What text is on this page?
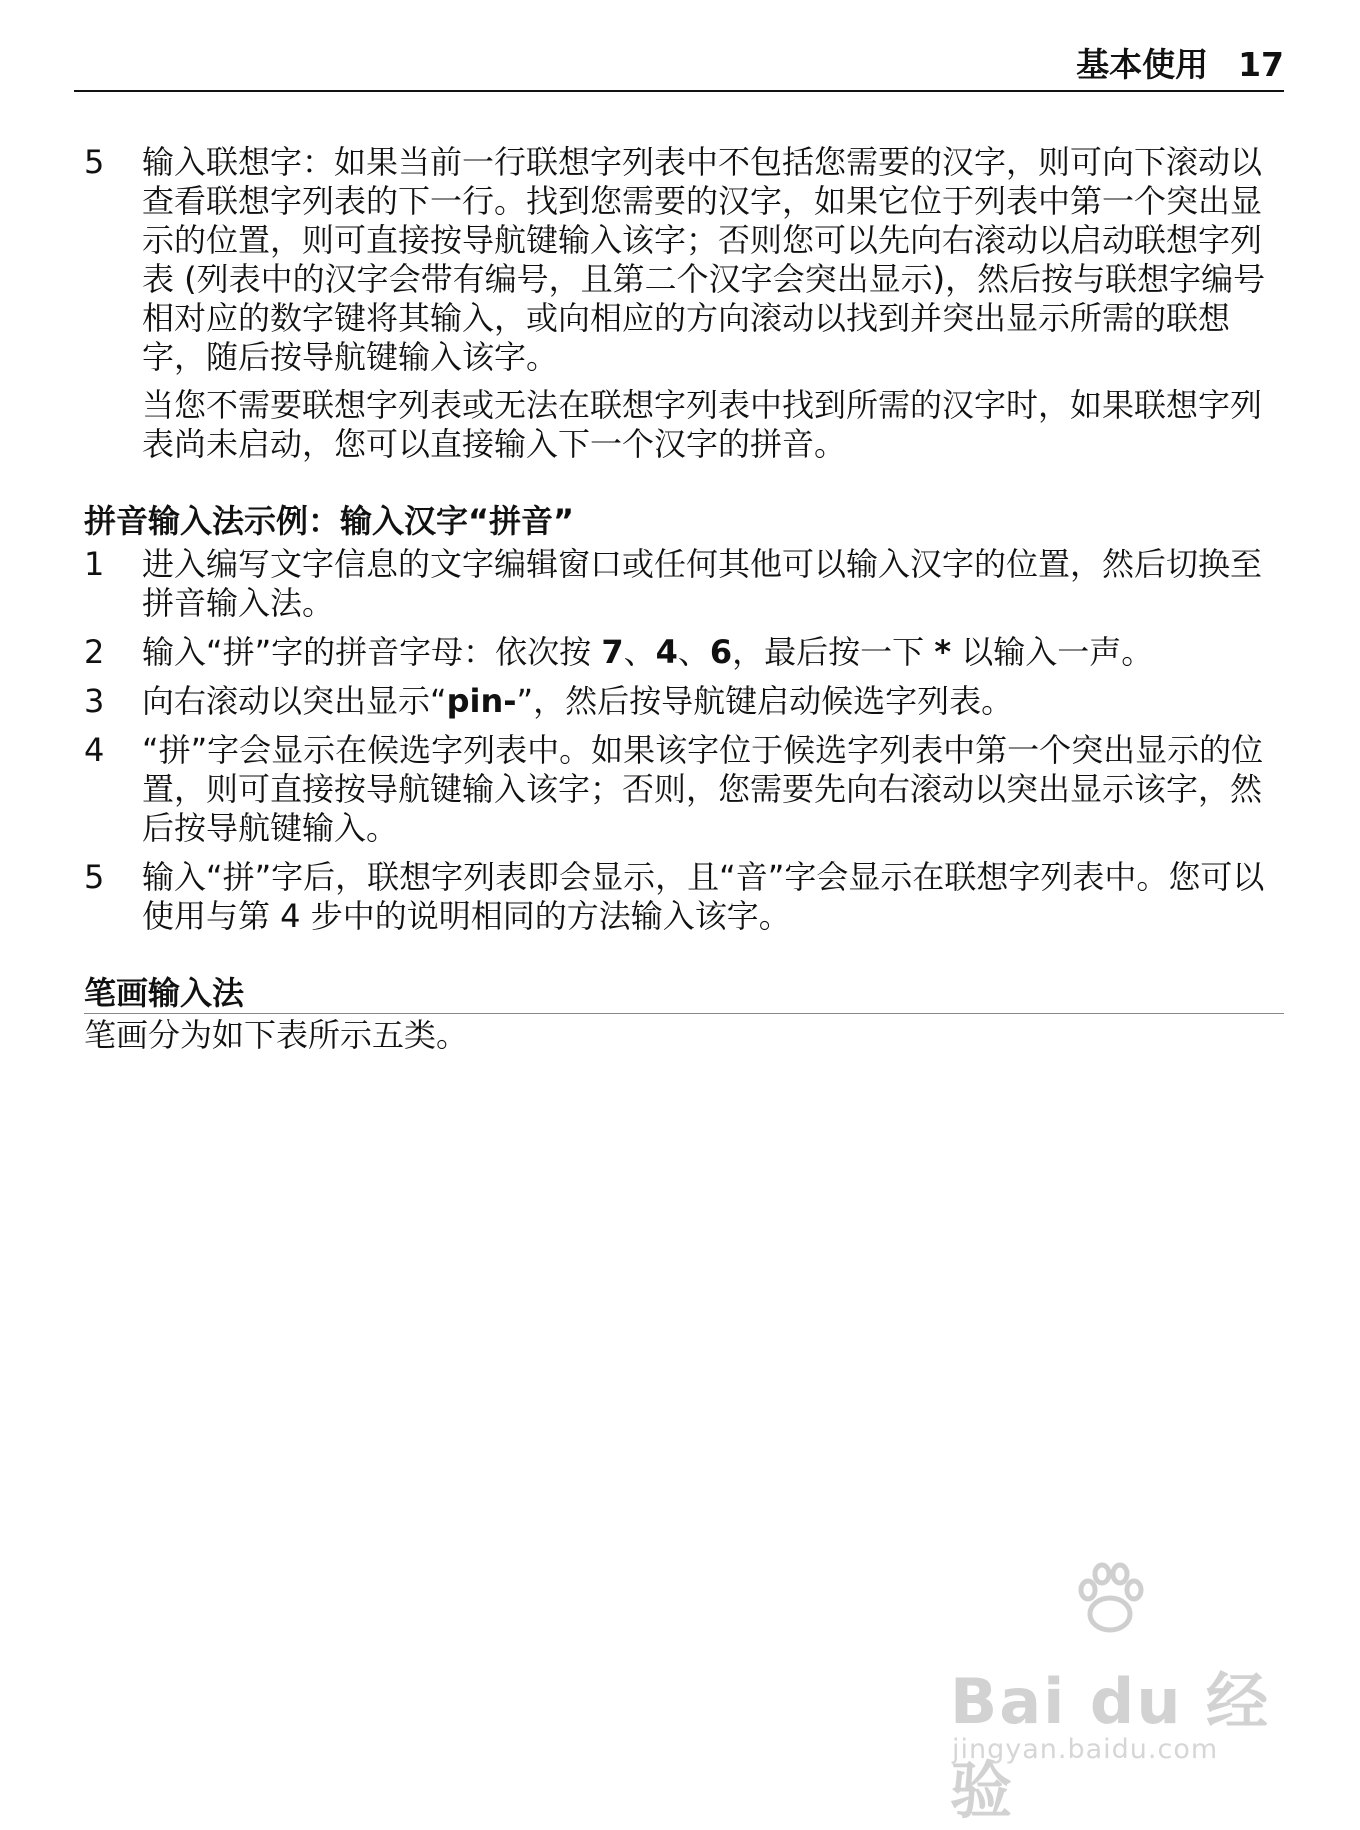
基本使用 17
5 输入联想字：如果当前一行联想字列表中不包括您需要的汉字，则可向下滚动以查看联想字列表的下一行。找到您需要的汉字，如果它位于列表中第一个突出显示的位置，则可直接按导航键输入该字；否则您可以先向右滚动以启动联想字列表 (列表中的汉字会带有编号，且第二个汉字会突出显示)，然后按与联想字编号相对应的数字键将其输入，或向相应的方向滚动以找到并突出显示所需的联想字，随后按导航键输入该字。

当您不需要联想字列表或无法在联想字列表中找到所需的汉字时，如果联想字列表尚未启动，您可以直接输入下一个汉字的拼音。

拼音输入法示例：输入汉字“拼音”

1 进入编写文字信息的文字编辑窗口或任何其他可以输入汉字的位置，然后切换至拼音输入法。

2 输入“拼”字的拼音字母：依次按 7、4、6，最后按一下 * 以输入一声。

3 向右滚动以突出显示“pin-”，然后按导航键启动候选字列表。

4 “拼”字会显示在候选字列表中。如果该字位于候选字列表中第一个突出显示的位置，则可直接按导航键输入该字；否则，您需要先向右滚动以突出显示该字，然后按导航键输入。

5 输入“拼”字后，联想字列表即会显示，且“音”字会显示在联想字列表中。您可以使用与第 4 步中的说明相同的方法输入该字。

笔画输入法

笔画分为如下表所示五类。

Bai du 经验
jingyan.baidu.com
